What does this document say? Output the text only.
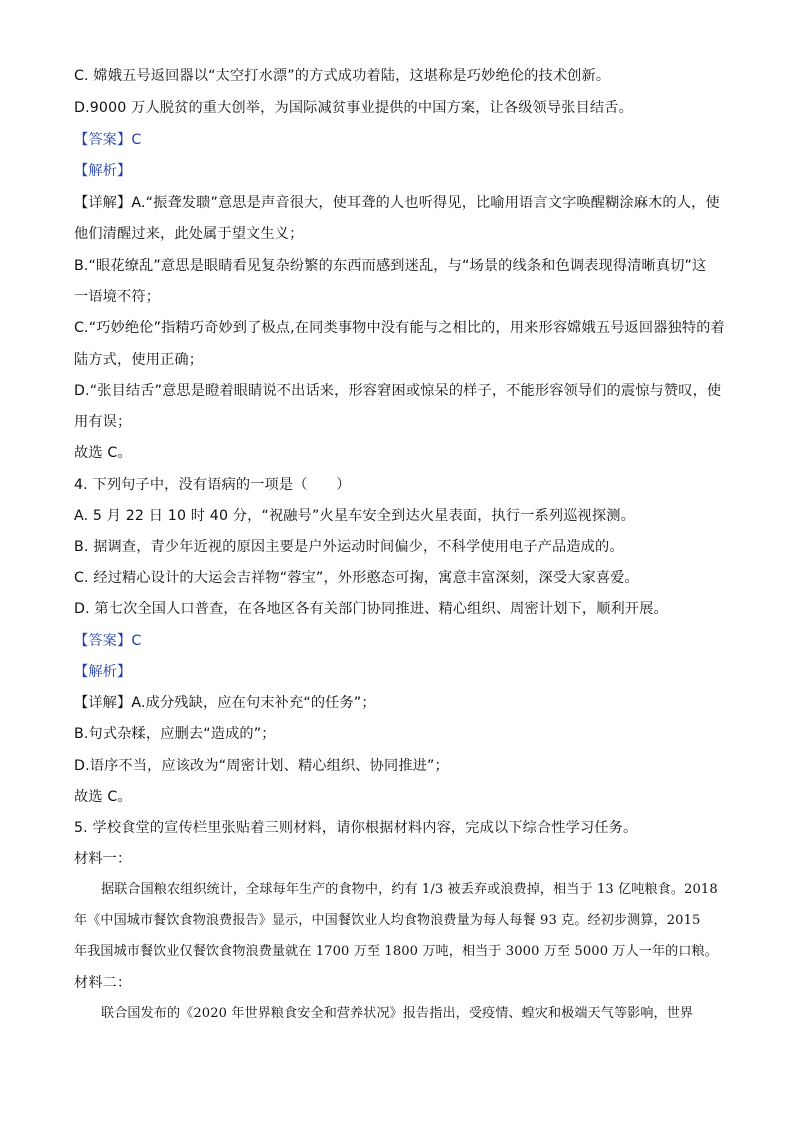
C. 嫦娥五号返回器以“太空打水漂”的方式成功着陆，这堪称是巧妙绝伦的技术创新。
D.9000 万人脱贫的重大创举，为国际减贫事业提供的中国方案，让各级领导张目结舌。
【答案】C
【解析】
【详解】A.“振聋发聩”意思是声音很大，使耳聋的人也听得见，比喻用语言文字唤醒糊涂麻木的人，使
他们清醒过来，此处属于望文生义；
B.“眼花缭乱”意思是眼睛看见复杂纷繁的东西而感到迷乱，与“场景的线条和色调表现得清晰真切”这
一语境不符；
C.“巧妙绝伦”指精巧奇妙到了极点,在同类事物中没有能与之相比的，用来形容嫦娥五号返回器独特的着
陆方式，使用正确；
D.“张目结舌”意思是瞪着眼睛说不出话来，形容窘困或惊呆的样子，不能形容领导们的震惊与赞叹，使
用有误；
故选 C。
4. 下列句子中，没有语病的一项是（　　）
A. 5 月 22 日 10 时 40 分，“祝融号”火星车安全到达火星表面，执行一系列巡视探测。
B. 据调查，青少年近视的原因主要是户外运动时间偏少，不科学使用电子产品造成的。
C. 经过精心设计的大运会吉祥物“蓉宝”，外形憨态可掬，寓意丰富深刻，深受大家喜爱。
D. 第七次全国人口普查，在各地区各有关部门协同推进、精心组织、周密计划下，顺利开展。
【答案】C
【解析】
【详解】A.成分残缺，应在句末补充“的任务”；
B.句式杂糅，应删去“造成的”；
D.语序不当，应该改为“周密计划、精心组织、协同推进”；
故选 C。
5. 学校食堂的宣传栏里张贴着三则材料，请你根据材料内容，完成以下综合性学习任务。
材料一：
据联合国粮农组织统计，全球每年生产的食物中，约有 1/3 被丢弃或浪费掉，相当于 13 亿吨粮食。2018
年《中国城市餐饮食物浪费报告》显示，中国餐饮业人均食物浪费量为每人每餐 93 克。经初步测算，2015
年我国城市餐饮业仅餐饮食物浪费量就在 1700 万至 1800 万吨，相当于 3000 万至 5000 万人一年的口粮。
材料二：
联合国发布的《2020 年世界粮食安全和营养状况》报告指出，受疫情、蝗灾和极端天气等影响，世界
